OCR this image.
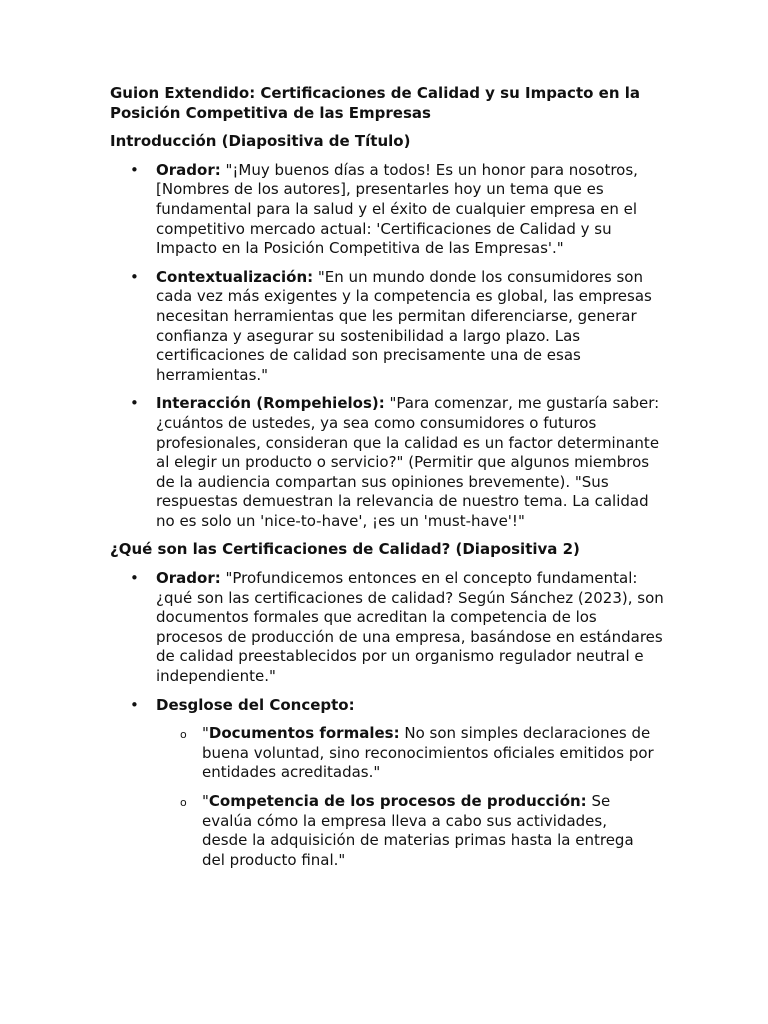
Guion Extendido: Certificaciones de Calidad y su Impacto en la Posición Competitiva de las Empresas
Introducción (Diapositiva de Título)
• Orador: "¡Muy buenos días a todos! Es un honor para nosotros, [Nombres de los autores], presentarles hoy un tema que es fundamental para la salud y el éxito de cualquier empresa en el competitivo mercado actual: 'Certificaciones de Calidad y su Impacto en la Posición Competitiva de las Empresas'."
• Contextualización: "En un mundo donde los consumidores son cada vez más exigentes y la competencia es global, las empresas necesitan herramientas que les permitan diferenciarse, generar confianza y asegurar su sostenibilidad a largo plazo. Las certificaciones de calidad son precisamente una de esas herramientas."
• Interacción (Rompehielos): "Para comenzar, me gustaría saber: ¿cuántos de ustedes, ya sea como consumidores o futuros profesionales, consideran que la calidad es un factor determinante al elegir un producto o servicio?" (Permitir que algunos miembros de la audiencia compartan sus opiniones brevemente). "Sus respuestas demuestran la relevancia de nuestro tema. La calidad no es solo un 'nice-to-have', ¡es un 'must-have'!"
¿Qué son las Certificaciones de Calidad? (Diapositiva 2)
• Orador: "Profundicemos entonces en el concepto fundamental: ¿qué son las certificaciones de calidad? Según Sánchez (2023), son documentos formales que acreditan la competencia de los procesos de producción de una empresa, basándose en estándares de calidad preestablecidos por un organismo regulador neutral e independiente."
• Desglose del Concepto:
o "Documentos formales: No son simples declaraciones de buena voluntad, sino reconocimientos oficiales emitidos por entidades acreditadas."
o "Competencia de los procesos de producción: Se evalúa cómo la empresa lleva a cabo sus actividades, desde la adquisición de materias primas hasta la entrega del producto final."
